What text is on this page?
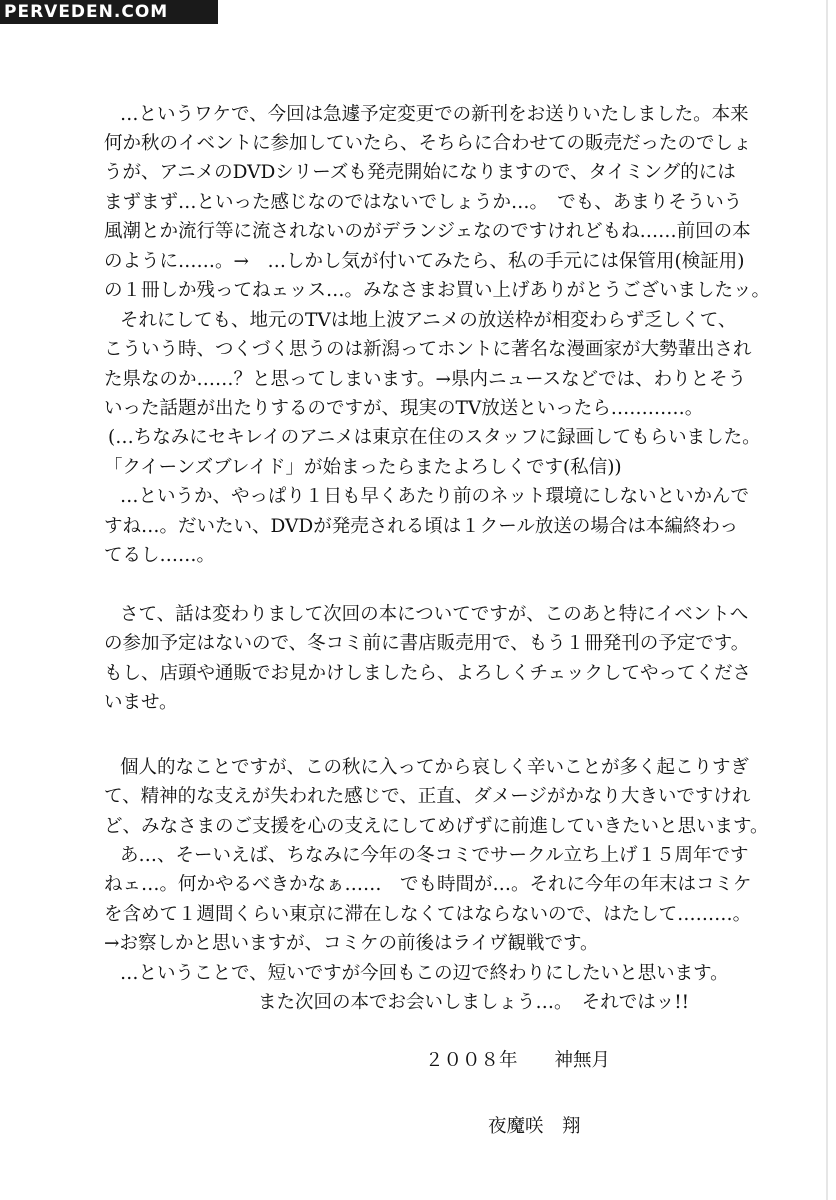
PERVEDEN.COM
…というワケで、今回は急遽予定変更での新刊をお送りいたしました。本来
何か秋のイベントに参加していたら、そちらに合わせての販売だったのでしょ
うが、アニメのDVDシリーズも発売開始になりますので、タイミング的には
まずまず…といった感じなのではないでしょうか…。　でも、あまりそういう
風潮とか流行等に流されないのがデランジェなのですけれどもね……前回の本
のように……。→　…しかし気が付いてみたら、私の手元には保管用(検証用)
の１冊しか残ってねェッス…。みなさまお買い上げありがとうございましたッ。
それにしても、地元のTVは地上波アニメの放送枠が相変わらず乏しくて、
こういう時、つくづく思うのは新潟ってホントに著名な漫画家が大勢輩出され
た県なのか……？と思ってしまいます。→県内ニュースなどでは、わりとそう
いった話題が出たりするのですが、現実のTV放送といったら…………。
(…ちなみにセキレイのアニメは東京在住のスタッフに録画してもらいました。
「クイーンズブレイド」が始まったらまたよろしくです(私信))
…というか、やっぱり１日も早くあたり前のネット環境にしないといかんで
すね…。だいたい、DVDが発売される頃は１クール放送の場合は本編終わっ
てるし……。
さて、話は変わりまして次回の本についてですが、このあと特にイベントへ
の参加予定はないので、冬コミ前に書店販売用で、もう１冊発刊の予定です。
もし、店頭や通販でお見かけしましたら、よろしくチェックしてやってくださ
いませ。
個人的なことですが、この秋に入ってから哀しく辛いことが多く起こりすぎ
て、精神的な支えが失われた感じで、正直、ダメージがかなり大きいですけれ
ど、みなさまのご支援を心の支えにしてめげずに前進していきたいと思います。
あ…、そーいえば、ちなみに今年の冬コミでサークル立ち上げ１５周年です
ねェ…。何かやるべきかなぁ……　でも時間が…。それに今年の年末はコミケ
を含めて１週間くらい東京に滞在しなくてはならないので、はたして………。
→お察しかと思いますが、コミケの前後はライヴ観戦です。
…ということで、短いですが今回もこの辺で終わりにしたいと思います。
また次回の本でお会いしましょう…。　それではッ!!
２００８年　　神無月
夜魔咲　翔
